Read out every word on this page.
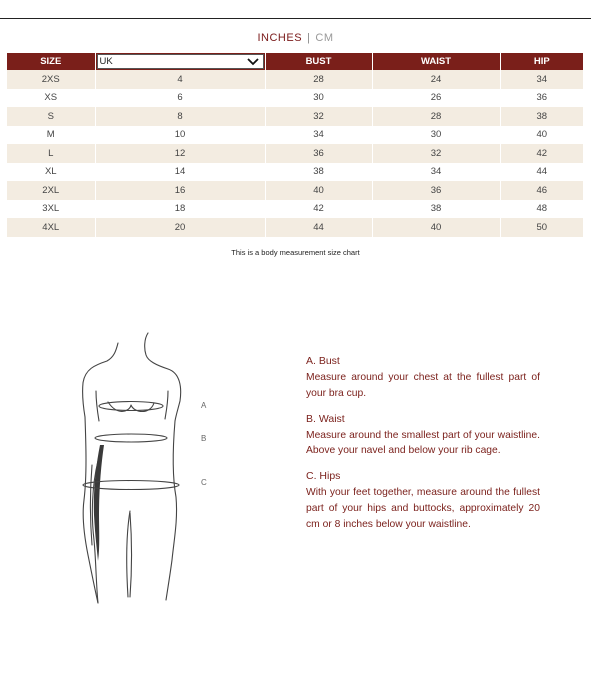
INCHES | CM
SIZE	UK	BUST	WAIST	HIP
2XS	4	28	24	34
XS	6	30	26	36
S	8	32	28	38
M	10	34	30	40
L	12	36	32	42
XL	14	38	34	44
2XL	16	40	36	46
3XL	18	42	38	48
4XL	20	44	40	50
This is a body measurement size chart
A
B
C
A. Bust
Measure around your chest at the fullest part of your bra cup.
B. Waist
Measure around the smallest part of your waistline. Above your navel and below your rib cage.
C. Hips
With your feet together, measure around the fullest part of your hips and buttocks, approximately 20 cm or 8 inches below your waistline.
